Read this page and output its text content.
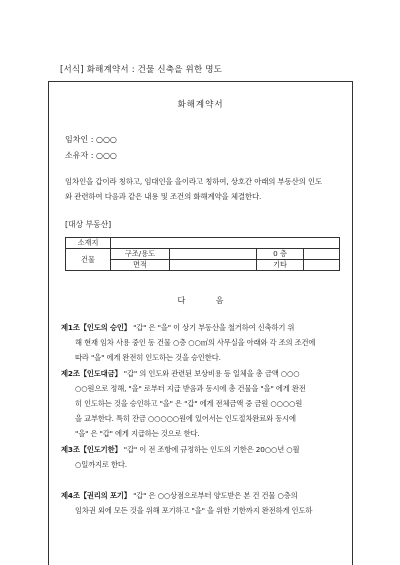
[서식] 화해계약서 : 건물 신축을 위한 명도
화해계약서
임차인 : ○○○
소유자 : ○○○
임차인을 갑이라 칭하고, 임대인을 을이라고 칭하여, 상호간 아래의 부동산의 인도
와 관련하여 다음과 같은 내용 및 조건의 화해계약을 체결한다.
[대상 부동산]
소재지				
건물	구조/용도		0 층	
	면적		기타	
다 음
제1조【인도의 승인】 "갑" 은 "을" 이 상기 부동산을 철거하여 신축하기 위
해 현재 임차 사용 중인 동 건물 ○층 ○○㎡의 사무실을 아래와 각 조의 조건에
따라 "을" 에게 완전히 인도하는 것을 승인한다.
제2조【인도대금】 "갑" 의 인도와 관련된 보상비용 등 일체을 총 금액 ○○○
○○원으로 정해, "을" 로부터 지급 받음과 동시에 총 건물을 "을" 에게 완전
히 인도하는 것을 승인하고 "을" 은 "갑" 에게 전체금액 중 금원 ○○○○원
을 교부한다. 특히 잔금 ○○○○○원에 있어서는 인도절차완료와 동시에
"을" 은 "갑" 에게 지급하는 것으로 한다.
제3조【인도기한】 "갑" 이 전 조항에 규정하는 인도의 기한은 20○○년 ○월
○일까지로 한다.
제4조【권리의 포기】 "갑" 은 ○○상점으로부터 양도받은 본 건 건물 ○층의
임차권 외에 모든 것을 위해 포기하고 "을" 을 위한 기한까지 완전하게 인도하
